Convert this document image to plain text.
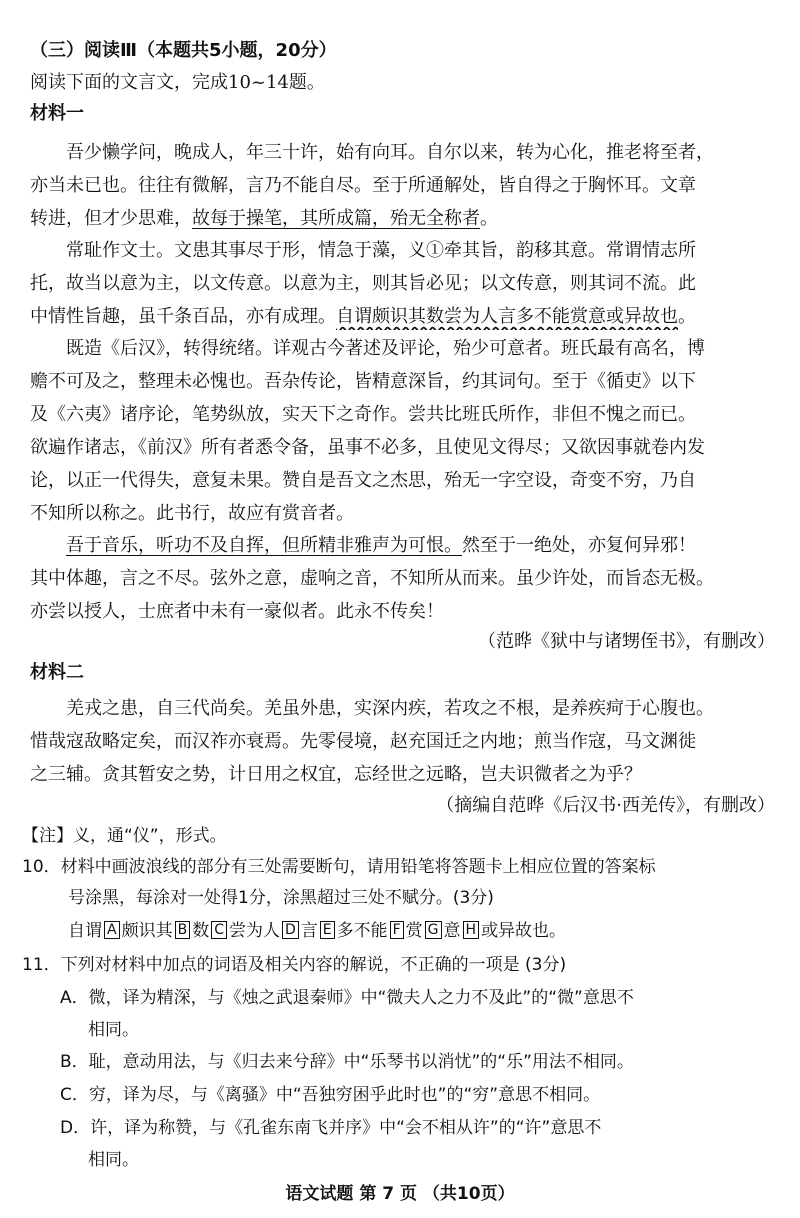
（三）阅读Ⅲ（本题共5小题，20分）
阅读下面的文言文，完成10~14题。
材料一
吾少懒学问，晚成人，年三十许，始有向耳。自尔以来，转为心化，推老将至者，
亦当未已也。往往有微解，言乃不能自尽。至于所通解处，皆自得之于胸怀耳。文章
转进，但才少思难，故每于操笔，其所成篇，殆无全称者。
常耻作文士。文患其事尽于形，情急于藻，义①牵其旨，韵移其意。常谓情志所
托，故当以意为主，以文传意。以意为主，则其旨必见；以文传意，则其词不流。此
中情性旨趣，虽千条百品，亦有成理。自谓颇识其数尝为人言多不能赏意或异故也。
既造《后汉》，转得统绪。详观古今著述及评论，殆少可意者。班氏最有高名，博
赡不可及之，整理未必愧也。吾杂传论，皆精意深旨，约其词句。至于《循吏》以下
及《六夷》诸序论，笔势纵放，实天下之奇作。尝共比班氏所作，非但不愧之而已。
欲遍作诸志，《前汉》所有者悉令备，虽事不必多，且使见文得尽；又欲因事就卷内发
论，以正一代得失，意复未果。赞自是吾文之杰思，殆无一字空设，奇变不穷，乃自
不知所以称之。此书行，故应有赏音者。
吾于音乐，听功不及自挥，但所精非雅声为可恨。然至于一绝处，亦复何异邪！
其中体趣，言之不尽。弦外之意，虚响之音，不知所从而来。虽少许处，而旨态无极。
亦尝以授人，士庶者中未有一豪似者。此永不传矣！
（范晔《狱中与诸甥侄书》，有删改）
材料二
羌戎之患，自三代尚矣。羌虽外患，实深内疾，若攻之不根，是养疾疴于心腹也。
惜哉寇敌略定矣，而汉祚亦衰焉。先零侵境，赵充国迁之内地；煎当作寇，马文渊徙
之三辅。贪其暂安之势，计日用之权宜，忘经世之远略，岂夫识微者之为乎？
（摘编自范晔《后汉书·西羌传》，有删改）
【注】义，通“仪”，形式。
10．材料中画波浪线的部分有三处需要断句，请用铅笔将答题卡上相应位置的答案标
号涂黑，每涂对一处得1分，涂黑超过三处不赋分。(3分)
自谓 A 颇识其 B 数 C 尝为人 D 言 E 多不能 F 赏 G 意 H 或异故也。
11．下列对材料中加点的词语及相关内容的解说，不正确的一项是 (3分)
A．微，译为精深，与《烛之武退秦师》中“微夫人之力不及此”的“微”意思不
相同。
B．耻，意动用法，与《归去来兮辞》中“乐琴书以消忧”的“乐”用法不相同。
C．穷，译为尽，与《离骚》中“吾独穷困乎此时也”的“穷”意思不相同。
D．许，译为称赞，与《孔雀东南飞并序》中“会不相从许”的“许”意思不
相同。
语文试题 第 7 页 （共10页）
